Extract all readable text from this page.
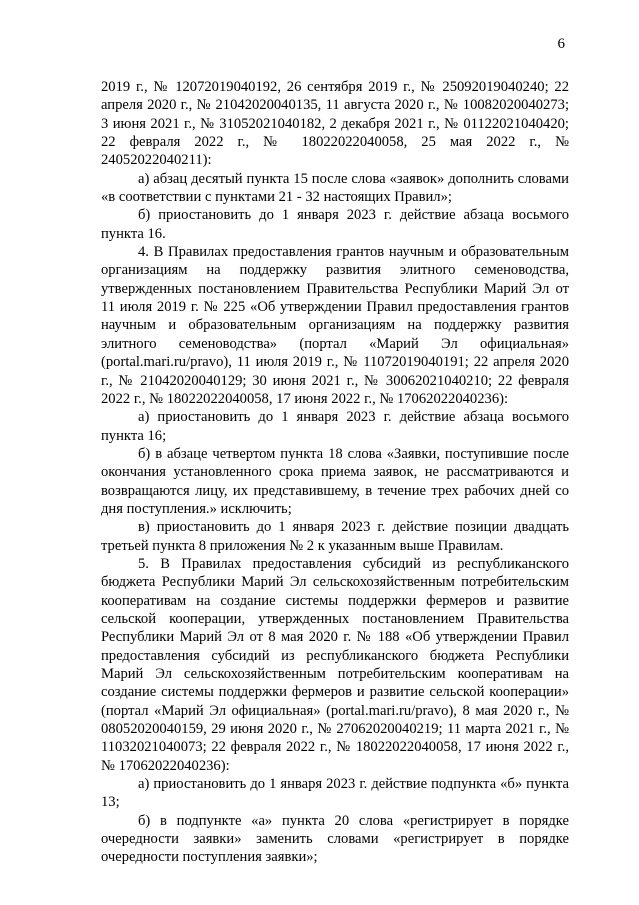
6

2019 г., № 12072019040192, 26 сентября 2019 г., № 25092019040240; 22 апреля 2020 г., № 21042020040135, 11 августа 2020 г., № 10082020040273; 3 июня 2021 г., № 31052021040182, 2 декабря 2021 г., № 01122021040420; 22 февраля 2022 г., № 18022022040058, 25 мая 2022 г., № 24052022040211):

а) абзац десятый пункта 15 после слова «заявок» дополнить словами «в соответствии с пунктами 21 - 32 настоящих Правил»;

б) приостановить до 1 января 2023 г. действие абзаца восьмого пункта 16.

4. В Правилах предоставления грантов научным и образовательным организациям на поддержку развития элитного семеноводства, утвержденных постановлением Правительства Республики Марий Эл от 11 июля 2019 г. № 225 «Об утверждении Правил предоставления грантов научным и образовательным организациям на поддержку развития элитного семеноводства» (портал «Марий Эл официальная» (portal.mari.ru/pravo), 11 июля 2019 г., № 11072019040191; 22 апреля 2020 г., № 21042020040129; 30 июня 2021 г., № 30062021040210; 22 февраля 2022 г., № 18022022040058, 17 июня 2022 г., № 17062022040236):

а) приостановить до 1 января 2023 г. действие абзаца восьмого пункта 16;

б) в абзаце четвертом пункта 18 слова «Заявки, поступившие после окончания установленного срока приема заявок, не рассматриваются и возвращаются лицу, их представившему, в течение трех рабочих дней со дня поступления.» исключить;

в) приостановить до 1 января 2023 г. действие позиции двадцать третьей пункта 8 приложения № 2 к указанным выше Правилам.

5. В Правилах предоставления субсидий из республиканского бюджета Республики Марий Эл сельскохозяйственным потребительским кооперативам на создание системы поддержки фермеров и развитие сельской кооперации, утвержденных постановлением Правительства Республики Марий Эл от 8 мая 2020 г. № 188 «Об утверждении Правил предоставления субсидий из республиканского бюджета Республики Марий Эл сельскохозяйственным потребительским кооперативам на создание системы поддержки фермеров и развитие сельской кооперации» (портал «Марий Эл официальная» (portal.mari.ru/pravo), 8 мая 2020 г., № 08052020040159, 29 июня 2020 г., № 27062020040219; 11 марта 2021 г., № 11032021040073; 22 февраля 2022 г., № 18022022040058, 17 июня 2022 г., № 17062022040236):

а) приостановить до 1 января 2023 г. действие подпункта «б» пункта 13;

б) в подпункте «а» пункта 20 слова «регистрирует в порядке очередности заявки» заменить словами «регистрирует в порядке очередности поступления заявки»;
